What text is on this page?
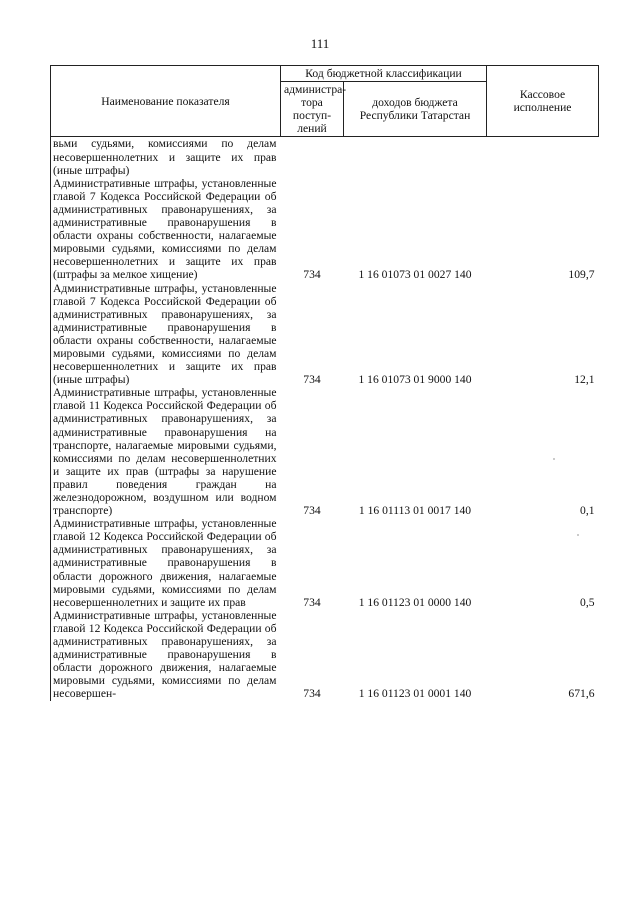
111
Наименование показателя	Код бюджетной классификации		Кассовое исполнение
	администра-тора поступ-лений	доходов бюджета Республики Татарстан	
вьми судьями, комиссиями по делам несовершеннолетних и защите их прав (иные штрафы)			
Административные штрафы, установленные главой 7 Кодекса Российской Федерации об административных правонарушениях, за административные правонарушения в области охраны собственности, налагаемые мировыми судьями, комиссиями по делам несовершеннолетних и защите их прав (штрафы за мелкое хищение)	734	1 16 01073 01 0027 140	109,7
Административные штрафы, установленные главой 7 Кодекса Российской Федерации об административных правонарушениях, за административные правонарушения в области охраны собственности, налагаемые мировыми судьями, комиссиями по делам несовершеннолетних и защите их прав (иные штрафы)	734	1 16 01073 01 9000 140	12,1
Административные штрафы, установленные главой 11 Кодекса Российской Федерации об административных правонарушениях, за административные правонарушения на транспорте, налагаемые мировыми судьями, комиссиями по делам несовершеннолетних и защите их прав (штрафы за нарушение правил поведения граждан на железнодорожном, воздушном или водном транспорте)	734	1 16 01113 01 0017 140	0,1
Административные штрафы, установленные главой 12 Кодекса Российской Федерации об административных правонарушениях, за административные правонарушения в области дорожного движения, налагаемые мировыми судьями, комиссиями по делам несовершеннолетних и защите их прав	734	1 16 01123 01 0000 140	0,5
Административные штрафы, установленные главой 12 Кодекса Российской Федерации об административных правонарушениях, за административные правонарушения в области дорожного движения, налагаемые мировыми судьями, комиссиями по делам несовершен-	734	1 16 01123 01 0001 140	671,6
